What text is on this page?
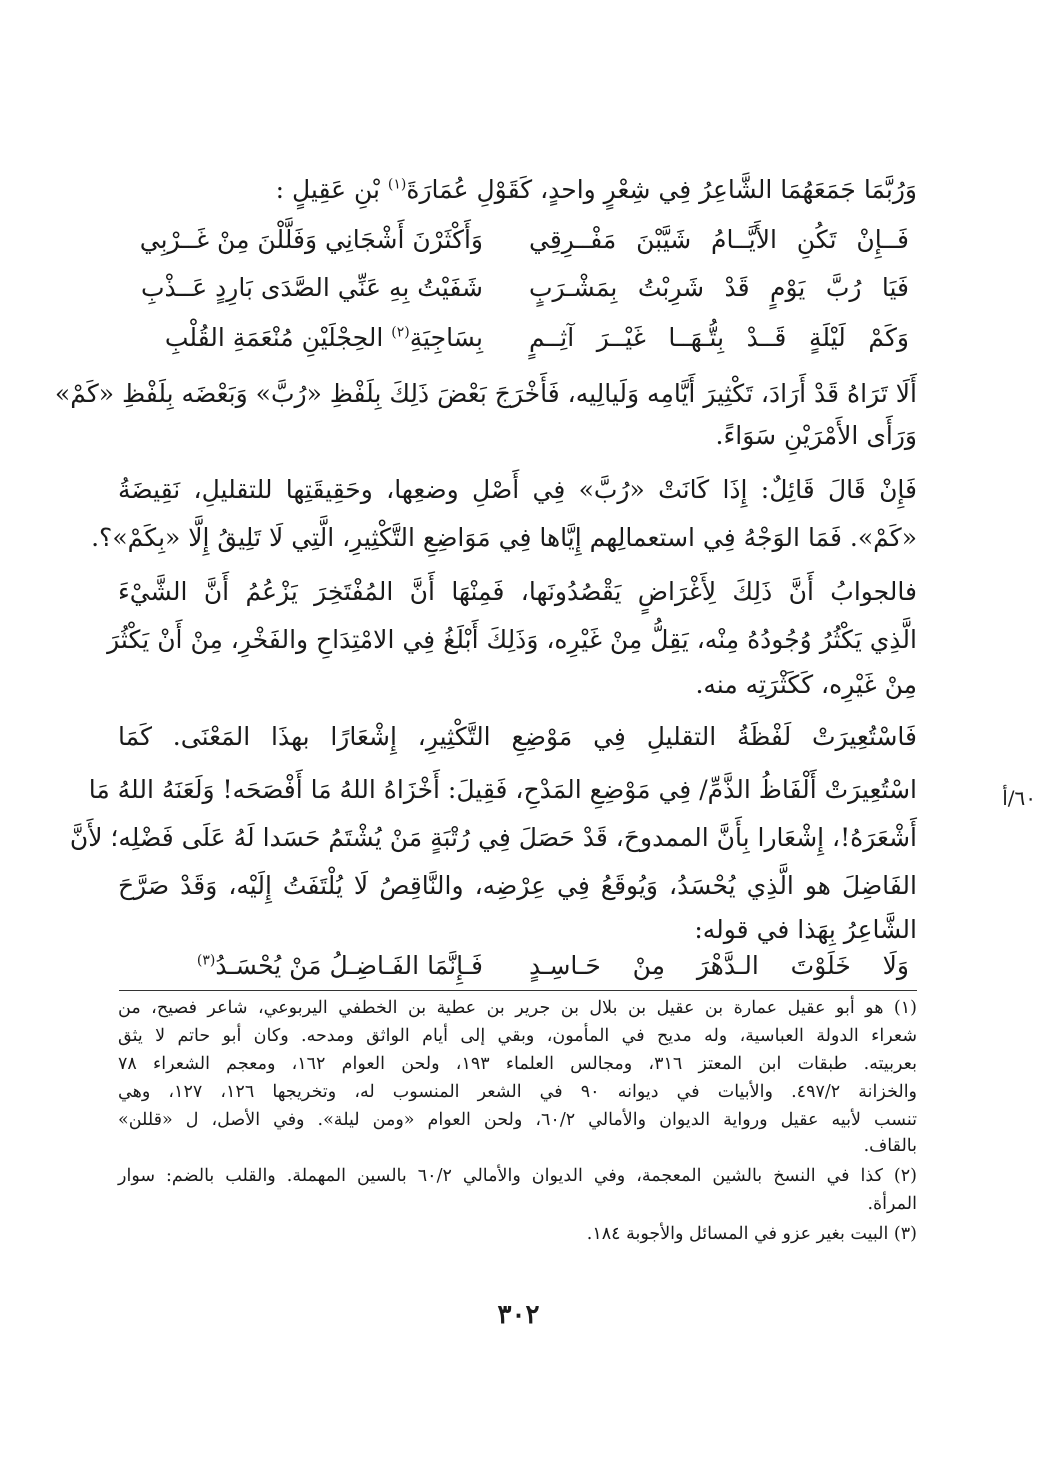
وَرُبَّمَا جَمَعَهُمَا الشَّاعِرُ فِي شِعْرٍ واحدٍ، كَقَوْلِ عُمَارَةَ$^{(١)}$ بْنِ عَقِيلٍ :
فَــإِنْ تَكُنِ الأَيَّــامُ شَيَّبْنَ مَفْــرِقِي
وَأَكْثَرْنَ أَشْجَانِي وَفَلَّلْنَ مِنْ غَــرْبِي
فَيَا رُبَّ يَوْمٍ قَدْ شَرِبْتُ بِمَشْـرَبٍ
شَفَيْتُ بِهِ عَنِّي الصَّدَى بَارِدٍ عَــذْبِ
وَكَمْ لَيْلَةٍ قَــدْ بِتُّـهَــا غَيْــرَ آثِــمٍ
بِسَاجِيَةِ$^{(٢)}$ الحِجْلَيْنِ مُنْعَمَةِ القُلْبِ
أَلَا تَرَاهُ قَدْ أَرَادَ، تَكْثِيرَ أَيَّامِه وَلَيالِيه، فَأَخْرَجَ بَعْضَ ذَلِكَ بِلَفْظِ «رُبَّ» وَبَعْضَه بِلَفْظِ «كَمْ»
وَرَأَى الأَمْرَيْنِ سَوَاءً.
فَإِنْ قَالَ قَائِلٌ: إِذَا كَانَتْ «رُبَّ» فِي أَصْلِ وضعِها، وحَقِيقَتِها للتقليلِ، نَقِيضَةُ
«كَمْ». فَمَا الوَجْهُ فِي استعمالِهم إِيَّاها فِي مَوَاضِعِ التَّكْثِيرِ، الَّتِي لَا تَلِيقُ إِلَّا «بِكَمْ»؟.
فالجوابُ أَنَّ ذَلِكَ لِأَغْرَاضٍ يَقْصُدُونَها، فَمِنْهَا أَنَّ المُفْتَخِرَ يَزْعُمُ أَنَّ الشَّيْءَ
الَّذِي يَكْثُرُ وُجُودُهُ مِنْه، يَقِلُّ مِنْ غَيْرِه، وَذَلِكَ أَبْلَغُ فِي الامْتِدَاحِ والفَخْرِ، مِنْ أَنْ يَكْثُرَ
مِنْ غَيْرِه، كَكَثْرَتِه منه.
فَاسْتُعِيرَتْ لَفْظَةُ التقليلِ فِي مَوْضِعِ التَّكْثِيرِ، إِشْعَارًا بهذَا المَعْنَى. كَمَا
٦٠/أ
اسْتُعِيرَتْ أَلْفَاظُ الذَّمِّ/ فِي مَوْضِعِ المَدْحِ، فَقِيلَ: أَخْزَاهُ اللهُ مَا أَفْصَحَه! وَلَعَنَهُ اللهُ مَا
أَشْعَرَهُ!، إِشْعَارا بِأَنَّ الممدوحَ، قَدْ حَصَلَ فِي رُتْبَةٍ مَنْ يُشْتَمُ حَسَدا لَهُ عَلَى فَضْلِه؛ لأَنَّ
الفَاضِلَ هو الَّذِي يُحْسَدُ، وَيُوقَعُ فِي عِرْضِه، والنَّاقِصُ لَا يُلْتَفَتُ إِلَيْه، وَقَدْ صَرَّحَ
الشَّاعِرُ بِهَذا في قوله:
وَلَا خَلَوْتَ الـدَّهْرَ مِنْ حَـاسِـدٍ
فَـإِنَّمَا الفَـاضِـلُ مَنْ يُحْسَـدُ$^{(٣)}$
(١) هو أبو عقيل عمارة بن عقيل بن بلال بن جرير بن عطية بن الخطفي اليربوعي، شاعر فصيح، من
شعراء الدولة العباسية، وله مديح في المأمون، وبقي إلى أيام الواثق ومدحه. وكان أبو حاتم لا يثق
بعربيته. طبقات ابن المعتز ٣١٦، ومجالس العلماء ١٩٣، ولحن العوام ١٦٢، ومعجم الشعراء ٧٨
والخزانة ٤٩٧/٢. والأبيات في ديوانه ٩٠ في الشعر المنسوب له، وتخريجها ١٢٦، ١٢٧، وهي
تنسب لأبيه عقيل ورواية الديوان والأمالي ٦٠/٢، ولحن العوام «ومن ليلة». وفي الأصل، ل «قللن»
بالقاف.
(٢) كذا في النسخ بالشين المعجمة، وفي الديوان والأمالي ٦٠/٢ بالسين المهملة. والقلب بالضم: سوار
المرأة.
(٣) البيت بغير عزو في المسائل والأجوبة ١٨٤.
٣٠٢
